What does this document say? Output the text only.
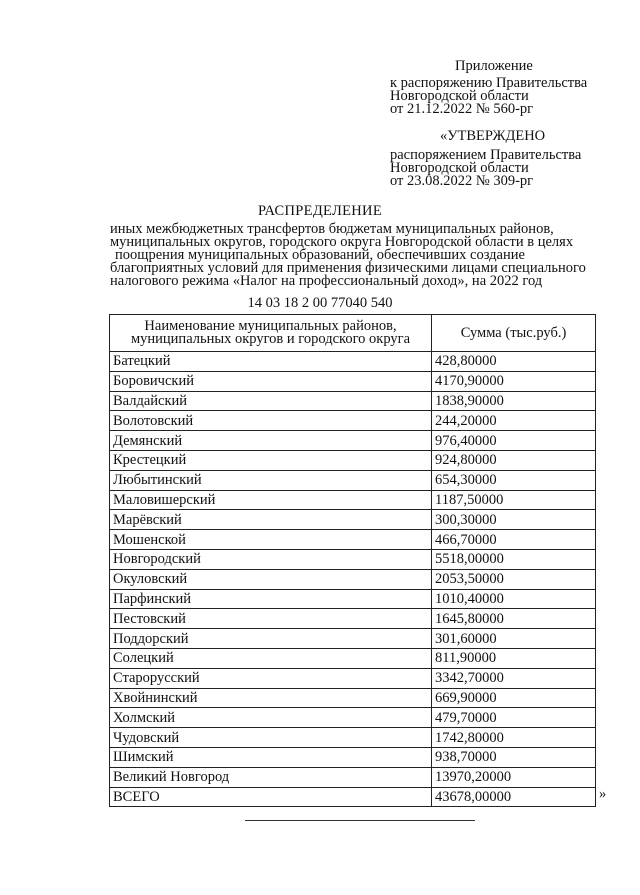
Приложение
к распоряжению Правительства
Новгородской области
от 21.12.2022 № 560-рг
«УТВЕРЖДЕНО
распоряжением Правительства
Новгородской области
от 23.08.2022 № 309-рг
РАСПРЕДЕЛЕНИЕ
иных межбюджетных трансфертов бюджетам муниципальных районов,
муниципальных округов, городского округа Новгородской области в целях
поощрения муниципальных образований, обеспечивших создание
благоприятных условий для применения физическими лицами специального
налогового режима «Налог на профессиональный доход», на 2022 год
14 03 18 2 00 77040 540
Наименование муниципальных районов,
муниципальных округов и городского округа	Сумма (тыс.руб.)
Батецкий	428,80000
Боровичский	4170,90000
Валдайский	1838,90000
Волотовский	244,20000
Демянский	976,40000
Крестецкий	924,80000
Любытинский	654,30000
Маловишерский	1187,50000
Марёвский	300,30000
Мошенской	466,70000
Новгородский	5518,00000
Окуловский	2053,50000
Парфинский	1010,40000
Пестовский	1645,80000
Поддорский	301,60000
Солецкий	811,90000
Старорусский	3342,70000
Хвойнинский	669,90000
Холмский	479,70000
Чудовский	1742,80000
Шимский	938,70000
Великий Новгород	13970,20000
ВСЕГО	43678,00000	»
